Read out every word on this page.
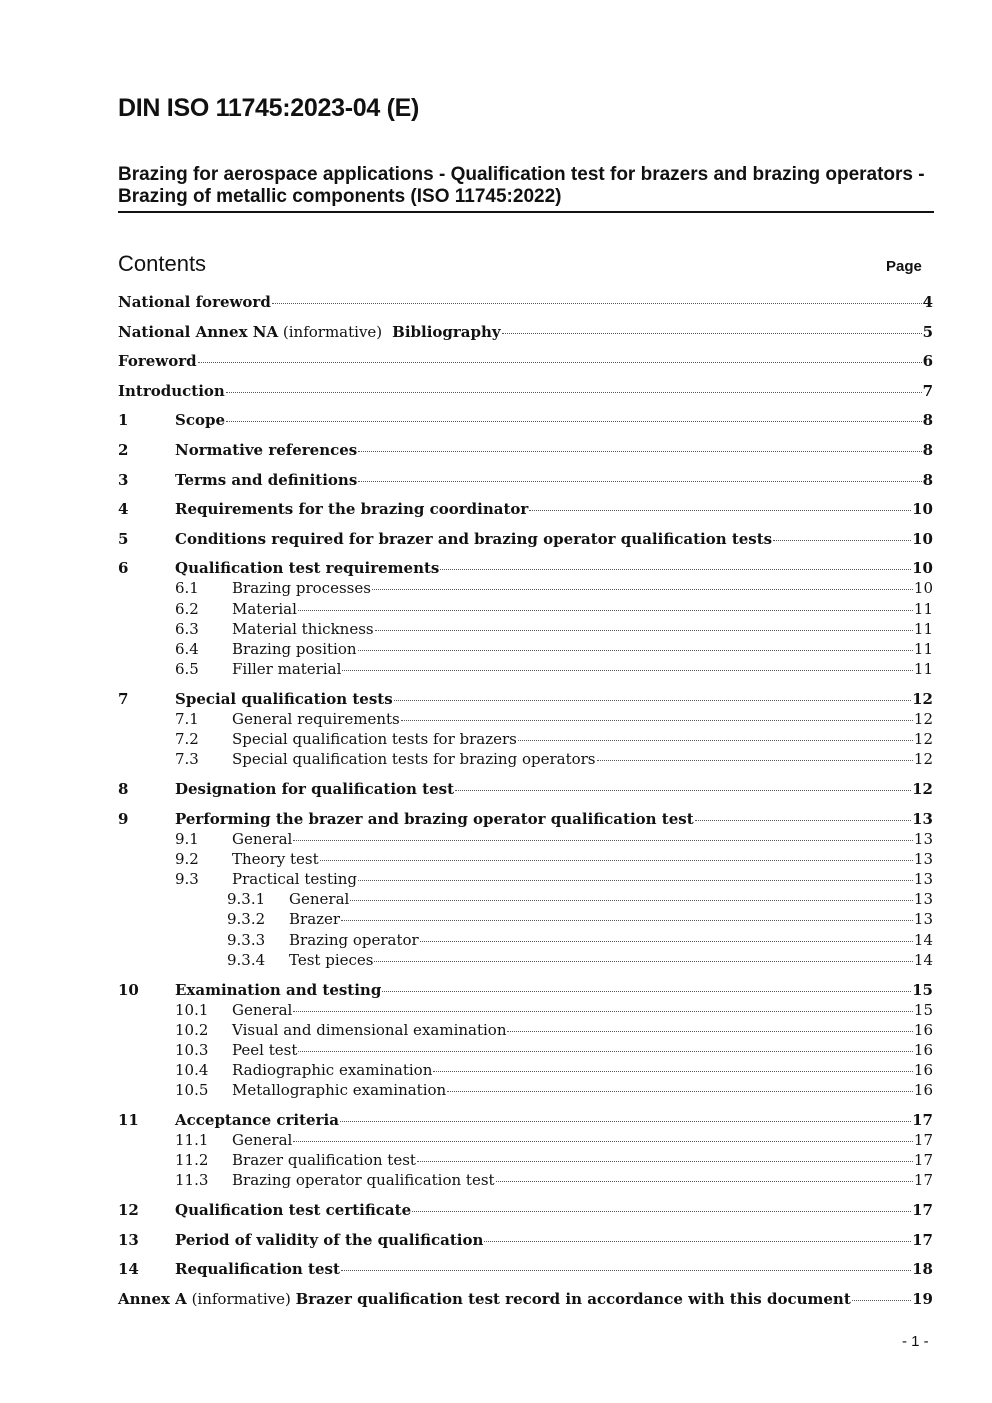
DIN ISO 11745:2023-04 (E)
Brazing for aerospace applications - Qualification test for brazers and brazing operators - Brazing of metallic components (ISO 11745:2022)
Contents	Page
National foreword	4
National Annex NA (informative)  Bibliography	5
Foreword	6
Introduction	7
1	Scope	8
2	Normative references	8
3	Terms and definitions	8
4	Requirements for the brazing coordinator	10
5	Conditions required for brazer and brazing operator qualification tests	10
6	Qualification test requirements	10
6.1	Brazing processes	10
6.2	Material	11
6.3	Material thickness	11
6.4	Brazing position	11
6.5	Filler material	11
7	Special qualification tests	12
7.1	General requirements	12
7.2	Special qualification tests for brazers	12
7.3	Special qualification tests for brazing operators	12
8	Designation for qualification test	12
9	Performing the brazer and brazing operator qualification test	13
9.1	General	13
9.2	Theory test	13
9.3	Practical testing	13
9.3.1	General	13
9.3.2	Brazer	13
9.3.3	Brazing operator	14
9.3.4	Test pieces	14
10	Examination and testing	15
10.1	General	15
10.2	Visual and dimensional examination	16
10.3	Peel test	16
10.4	Radiographic examination	16
10.5	Metallographic examination	16
11	Acceptance criteria	17
11.1	General	17
11.2	Brazer qualification test	17
11.3	Brazing operator qualification test	17
12	Qualification test certificate	17
13	Period of validity of the qualification	17
14	Requalification test	18
Annex A (informative) Brazer qualification test record in accordance with this document	19
- 1 -
